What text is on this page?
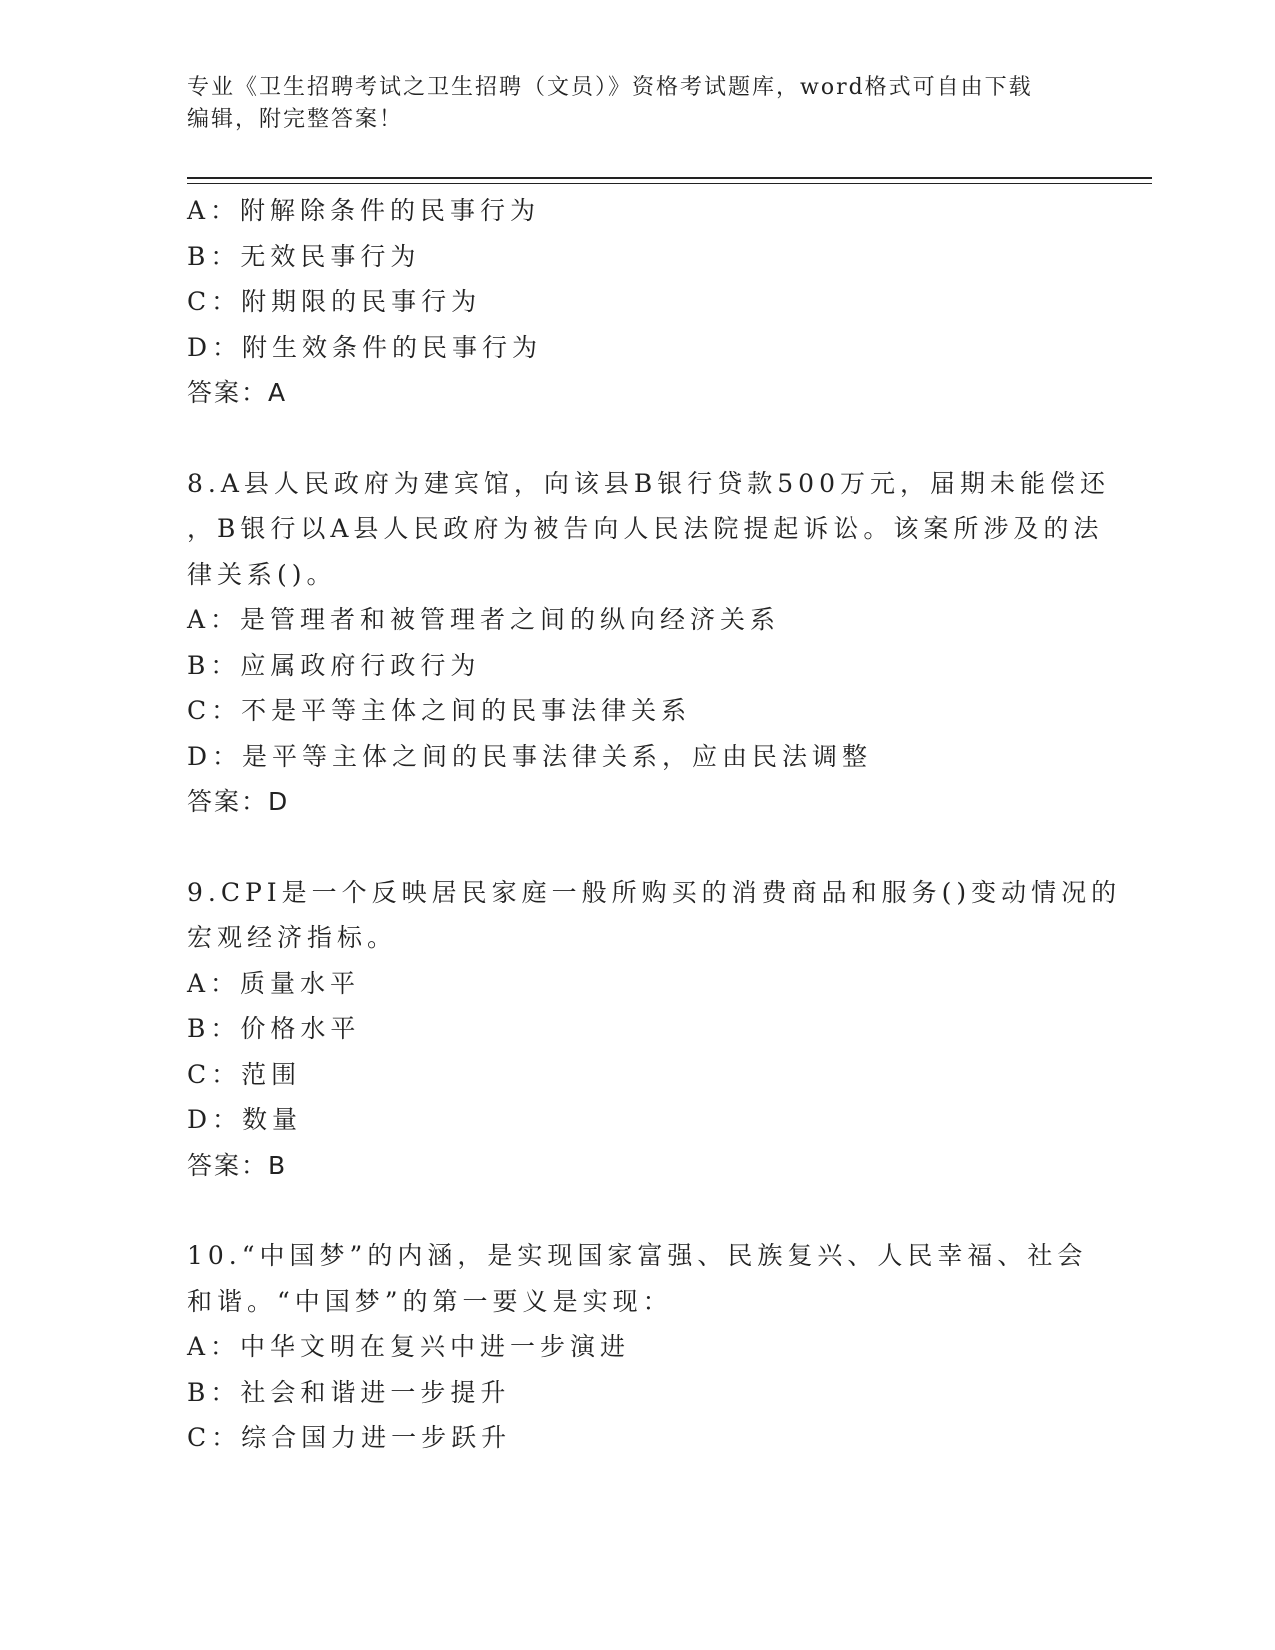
专业《卫生招聘考试之卫生招聘（文员）》资格考试题库，word格式可自由下载
编辑，附完整答案！
A：附解除条件的民事行为
B：无效民事行为
C：附期限的民事行为
D：附生效条件的民事行为
答案：A
8.A县人民政府为建宾馆，向该县B银行贷款500万元，届期未能偿还
，B银行以A县人民政府为被告向人民法院提起诉讼。该案所涉及的法
律关系()。
A：是管理者和被管理者之间的纵向经济关系
B：应属政府行政行为
C：不是平等主体之间的民事法律关系
D：是平等主体之间的民事法律关系，应由民法调整
答案：D
9.CPI是一个反映居民家庭一般所购买的消费商品和服务()变动情况的
宏观经济指标。
A：质量水平
B：价格水平
C：范围
D：数量
答案：B
10.“中国梦”的内涵，是实现国家富强、民族复兴、人民幸福、社会
和谐。“中国梦”的第一要义是实现：
A：中华文明在复兴中进一步演进
B：社会和谐进一步提升
C：综合国力进一步跃升
